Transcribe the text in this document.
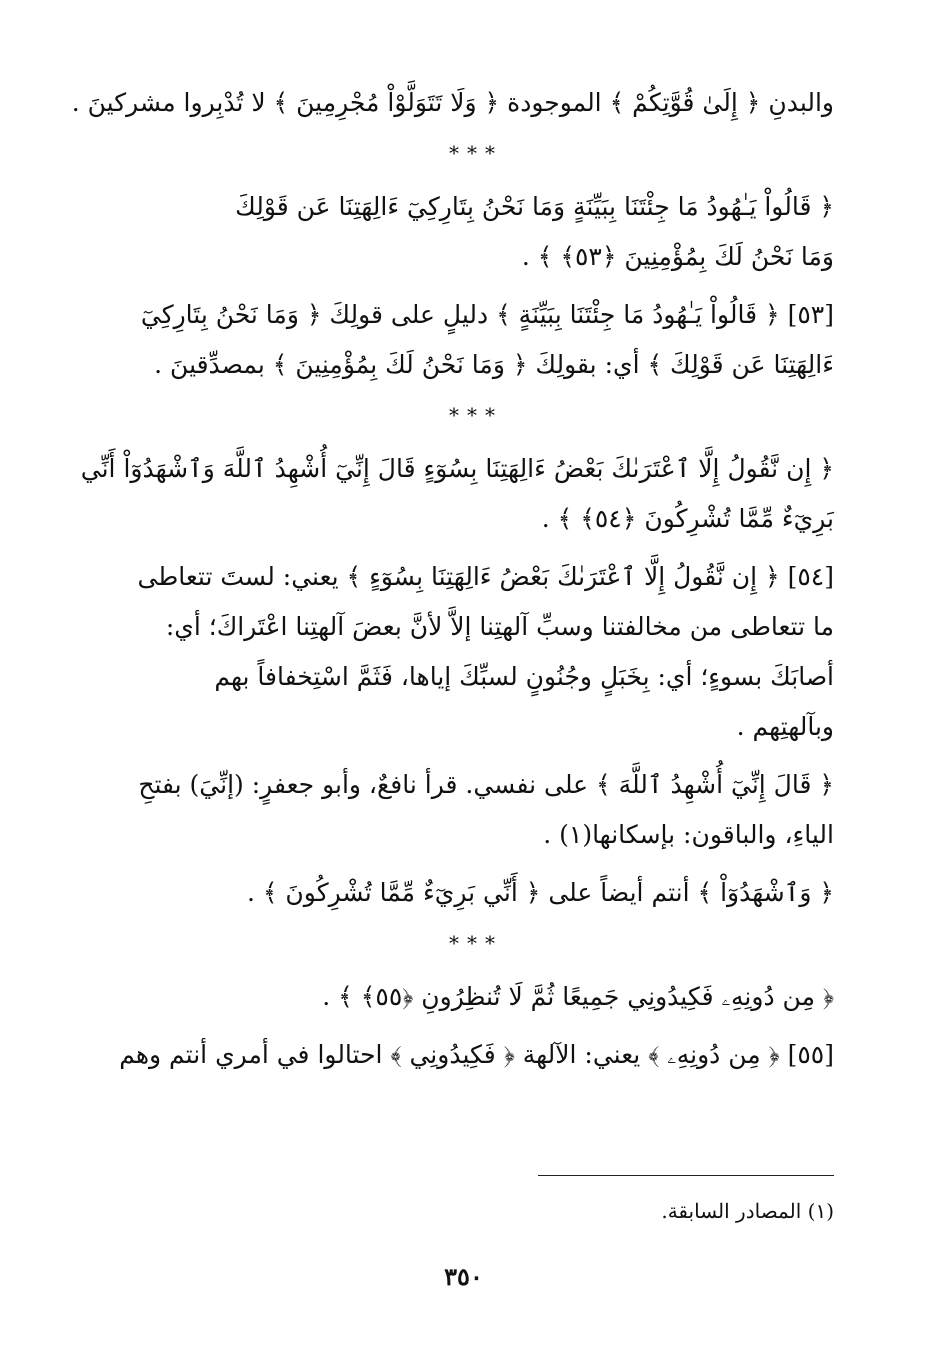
والبدنِ ﴿ إِلَىٰ قُوَّتِكُمْ ﴾ الموجودة ﴿ وَلَا تَتَوَلَّوْاْ مُجْرِمِينَ ﴾ لا تُدْبِروا مشركينَ .
***
﴿ قَالُواْ يَـٰهُودُ مَا جِئْتَنَا بِبَيِّنَةٍ وَمَا نَحْنُ بِتَارِكِيٓ ءَالِهَتِنَا عَن قَوْلِكَ
وَمَا نَحْنُ لَكَ بِمُؤْمِنِينَ ﴿٥٣﴾ ﴾ .
[٥٣] ﴿ قَالُواْ يَـٰهُودُ مَا جِئْتَنَا بِبَيِّنَةٍ ﴾ دليلٍ على قولِكَ ﴿ وَمَا نَحْنُ بِتَارِكِيٓ
ءَالِهَتِنَا عَن قَوْلِكَ ﴾ أي: بقولِكَ ﴿ وَمَا نَحْنُ لَكَ بِمُؤْمِنِينَ ﴾ بمصدِّقينَ .
***
﴿ إِن نَّقُولُ إِلَّا ٱعْتَرَىٰكَ بَعْضُ ءَالِهَتِنَا بِسُوٓءٍ قَالَ إِنِّيٓ أُشْهِدُ ٱللَّهَ وَٱشْهَدُوٓاْ أَنِّي
بَرِيٓءٌ مِّمَّا تُشْرِكُونَ ﴿٥٤﴾ ﴾ .
[٥٤] ﴿ إِن نَّقُولُ إِلَّا ٱعْتَرَىٰكَ بَعْضُ ءَالِهَتِنَا بِسُوٓءٍ ﴾ يعني: لستَ تتعاطى
ما تتعاطى من مخالفتنا وسبِّ آلهتِنا إلاَّ لأنَّ بعضَ آلهتِنا اعْتَراكَ؛ أي:
أصابَكَ بسوءٍ؛ أي: بِخَبَلٍ وجُنُونٍ لسبِّكَ إياها، فَثَمَّ اسْتِخفافاً بهم
وبآلهتِهم .
﴿ قَالَ إِنِّيٓ أُشْهِدُ ٱللَّهَ ﴾ على نفسي. قرأ نافعٌ، وأبو جعفرٍ: (إنِّيَ) بفتحِ
الياءِ، والباقون: بإسكانها(١) .
﴿ وَٱشْهَدُوٓاْ ﴾ أنتم أيضاً على ﴿ أَنِّي بَرِيٓءٌ مِّمَّا تُشْرِكُونَ ﴾ .
***
﴿ مِن دُونِهِۦ فَكِيدُونِي جَمِيعًا ثُمَّ لَا تُنظِرُونِ ﴿٥٥﴾ ﴾ .
[٥٥] ﴿ مِن دُونِهِۦ ﴾ يعني: الآلهة ﴿ فَكِيدُونِي ﴾ احتالوا في أمري أنتم وهم
(١) المصادر السابقة.
٣٥٠
